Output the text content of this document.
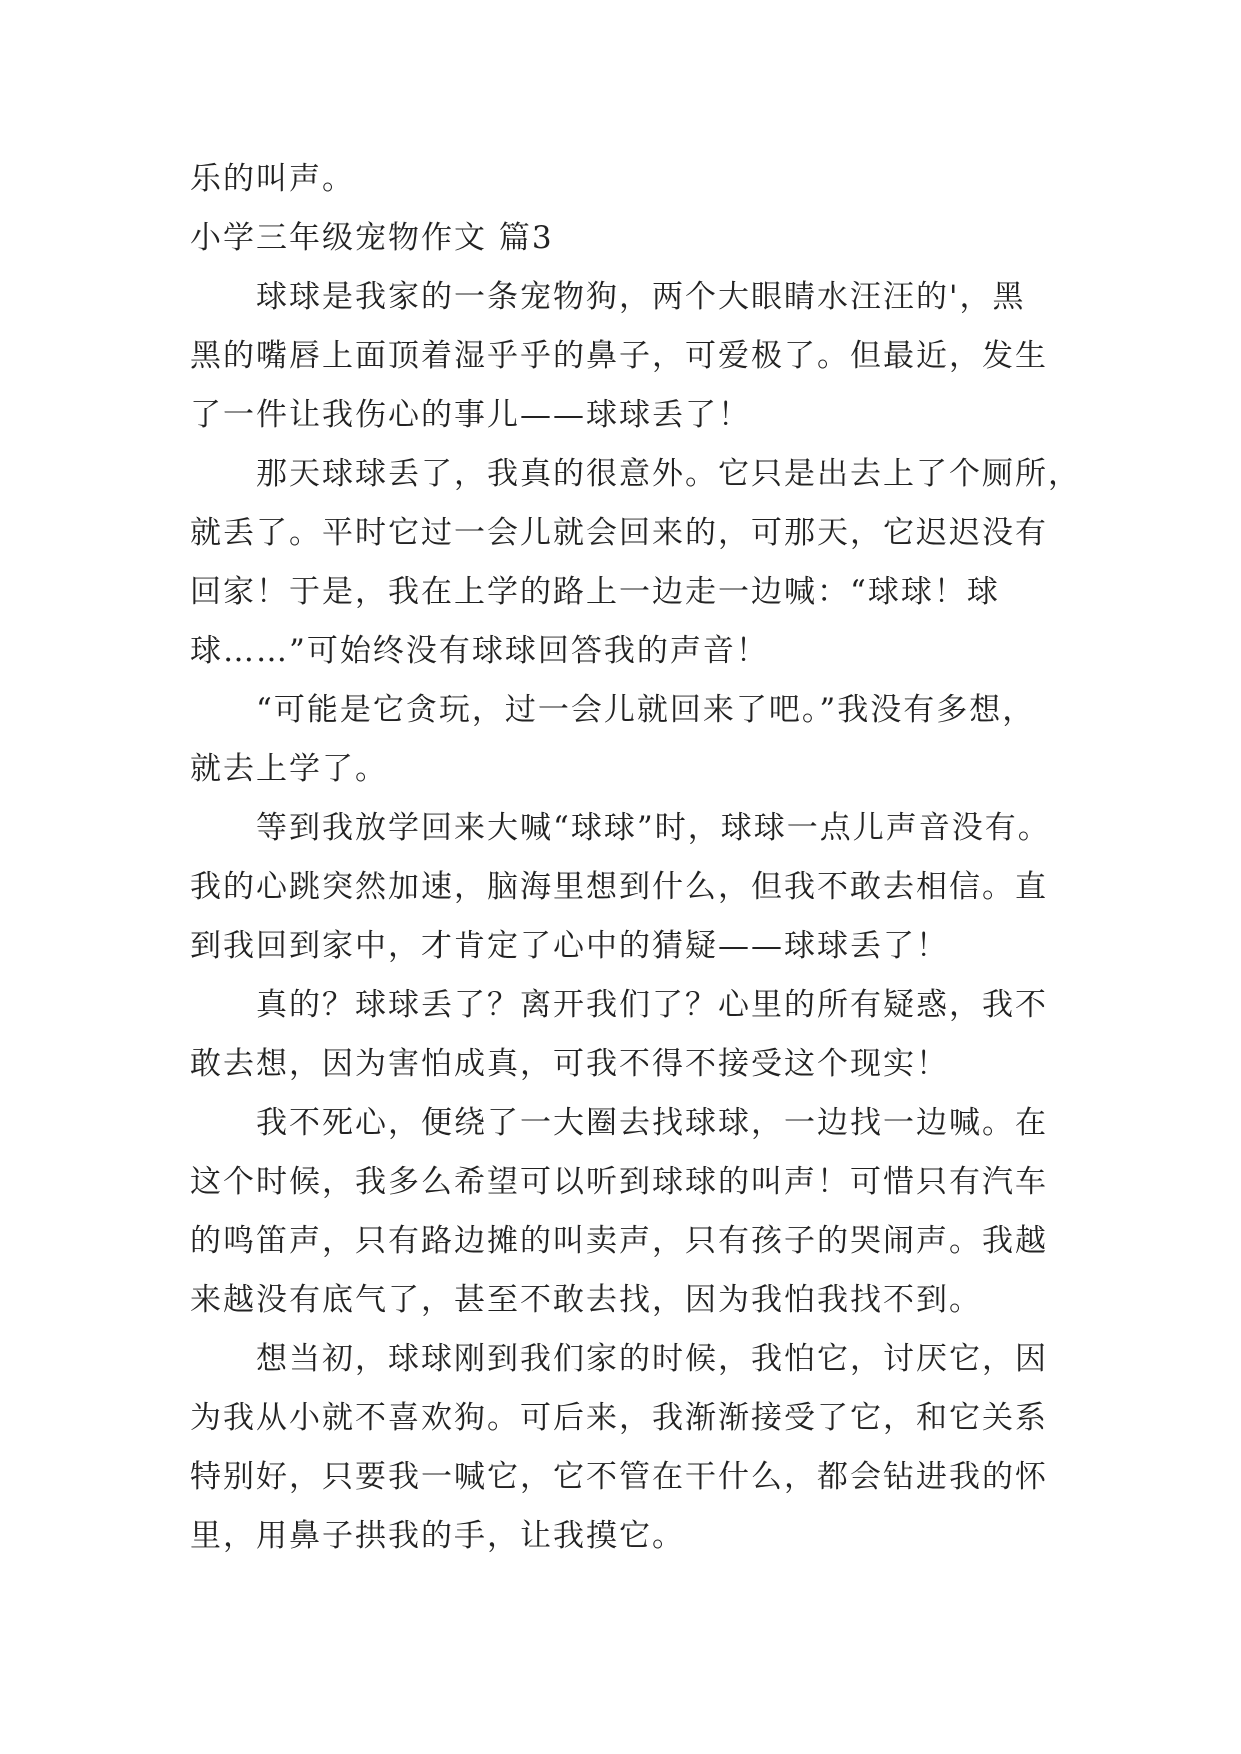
乐的叫声。

小学三年级宠物作文 篇3

球球是我家的一条宠物狗，两个大眼睛水汪汪的'，黑

黑的嘴唇上面顶着湿乎乎的鼻子，可爱极了。但最近，发生

了一件让我伤心的事儿——球球丢了！

那天球球丢了，我真的很意外。它只是出去上了个厕所，

就丢了。平时它过一会儿就会回来的，可那天，它迟迟没有

回家！于是，我在上学的路上一边走一边喊：“球球！球

球……”可始终没有球球回答我的声音！

“可能是它贪玩，过一会儿就回来了吧。”我没有多想，

就去上学了。

等到我放学回来大喊“球球”时，球球一点儿声音没有。

我的心跳突然加速，脑海里想到什么，但我不敢去相信。直

到我回到家中，才肯定了心中的猜疑——球球丢了！

真的？球球丢了？离开我们了？心里的所有疑惑，我不

敢去想，因为害怕成真，可我不得不接受这个现实！

我不死心，便绕了一大圈去找球球，一边找一边喊。在

这个时候，我多么希望可以听到球球的叫声！可惜只有汽车

的鸣笛声，只有路边摊的叫卖声，只有孩子的哭闹声。我越

来越没有底气了，甚至不敢去找，因为我怕我找不到。

想当初，球球刚到我们家的时候，我怕它，讨厌它，因

为我从小就不喜欢狗。可后来，我渐渐接受了它，和它关系

特别好，只要我一喊它，它不管在干什么，都会钻进我的怀

里，用鼻子拱我的手，让我摸它。
